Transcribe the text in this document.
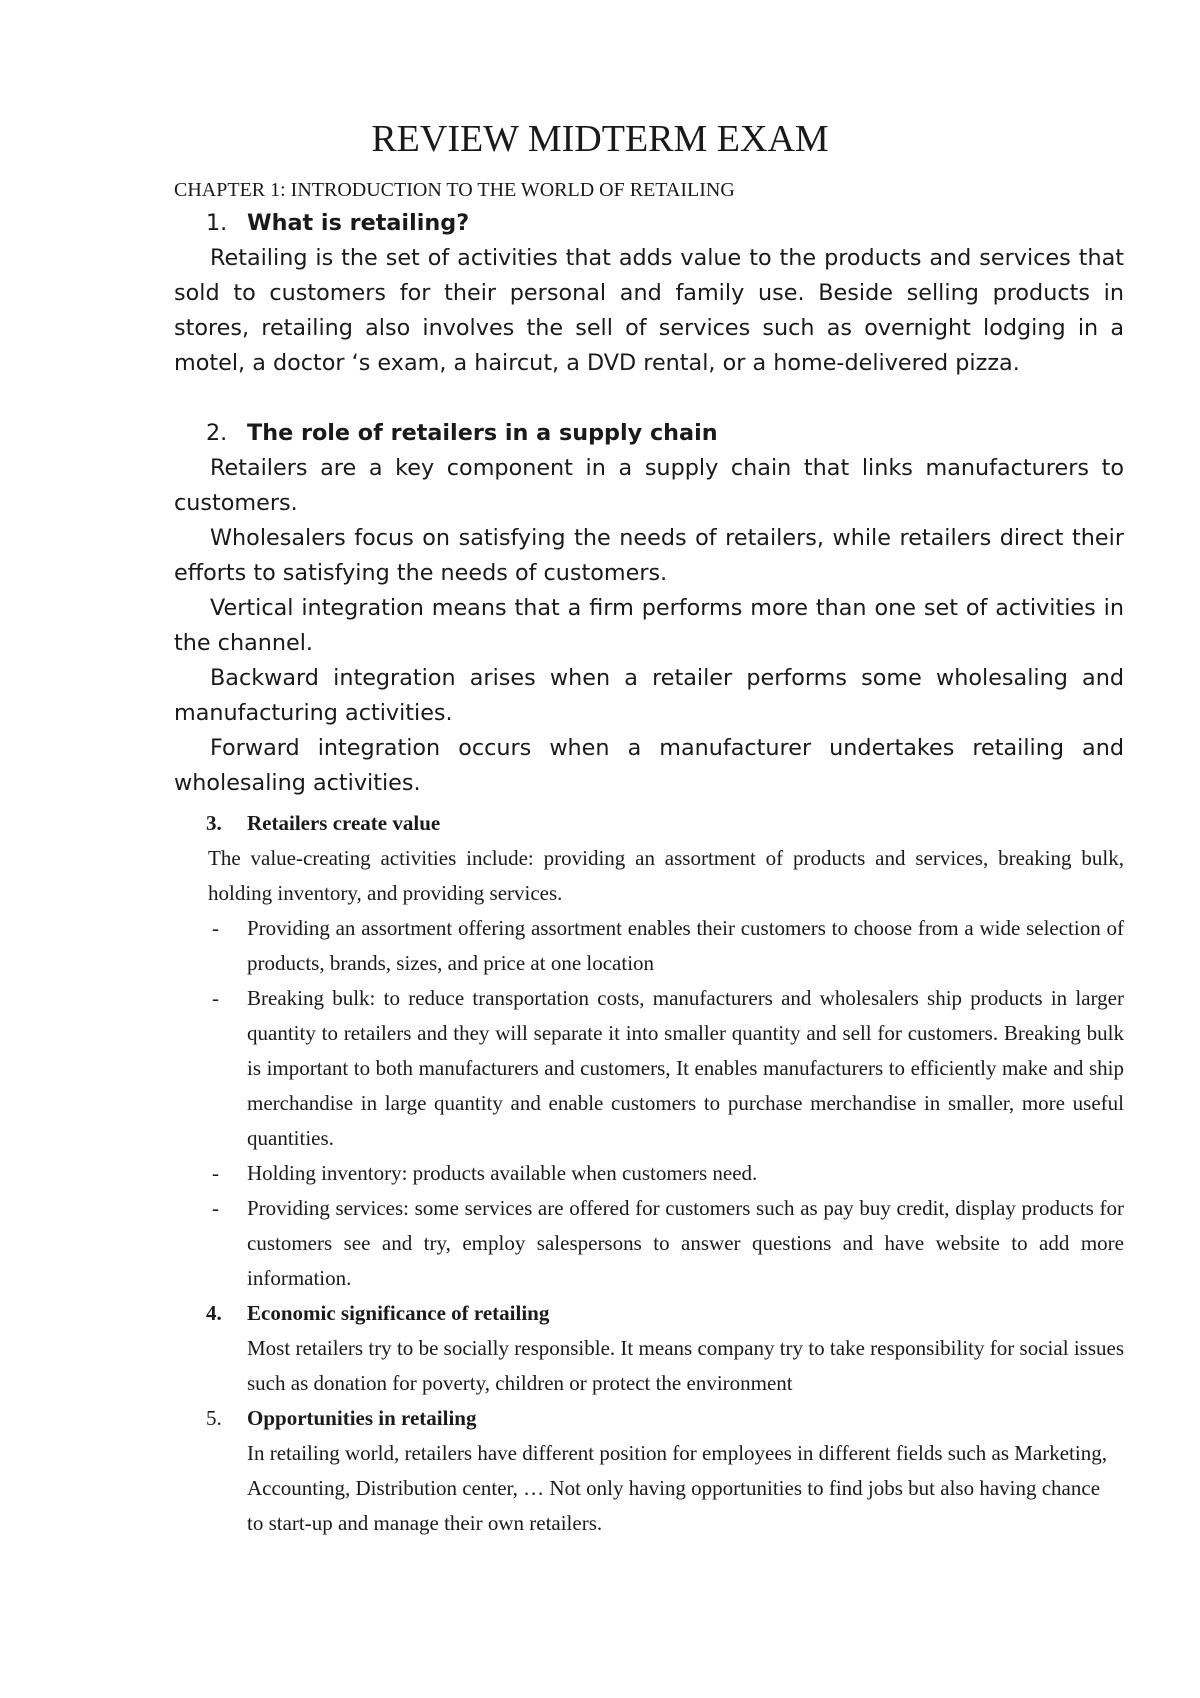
REVIEW MIDTERM EXAM

CHAPTER 1: INTRODUCTION TO THE WORLD OF RETAILING

1. What is retailing?

Retailing is the set of activities that adds value to the products and services that sold to customers for their personal and family use. Beside selling products in stores, retailing also involves the sell of services such as overnight lodging in a motel, a doctor ‘s exam, a haircut, a DVD rental, or a home-delivered pizza.

2. The role of retailers in a supply chain

Retailers are a key component in a supply chain that links manufacturers to customers.

Wholesalers focus on satisfying the needs of retailers, while retailers direct their efforts to satisfying the needs of customers.

Vertical integration means that a firm performs more than one set of activities in the channel.

Backward integration arises when a retailer performs some wholesaling and manufacturing activities.

Forward integration occurs when a manufacturer undertakes retailing and wholesaling activities.

3. Retailers create value

The value-creating activities include: providing an assortment of products and services, breaking bulk, holding inventory, and providing services.

- Providing an assortment offering assortment enables their customers to choose from a wide selection of products, brands, sizes, and price at one location

- Breaking bulk: to reduce transportation costs, manufacturers and wholesalers ship products in larger quantity to retailers and they will separate it into smaller quantity and sell for customers. Breaking bulk is important to both manufacturers and customers, It enables manufacturers to efficiently make and ship merchandise in large quantity and enable customers to purchase merchandise in smaller, more useful quantities.

- Holding inventory: products available when customers need.

- Providing services: some services are offered for customers such as pay buy credit, display products for customers see and try, employ salespersons to answer questions and have website to add more information.

4. Economic significance of retailing

Most retailers try to be socially responsible. It means company try to take responsibility for social issues such as donation for poverty, children or protect the environment

5. Opportunities in retailing

In retailing world, retailers have different position for employees in different fields such as Marketing, Accounting, Distribution center, … Not only having opportunities to find jobs but also having chance to start-up and manage their own retailers.
